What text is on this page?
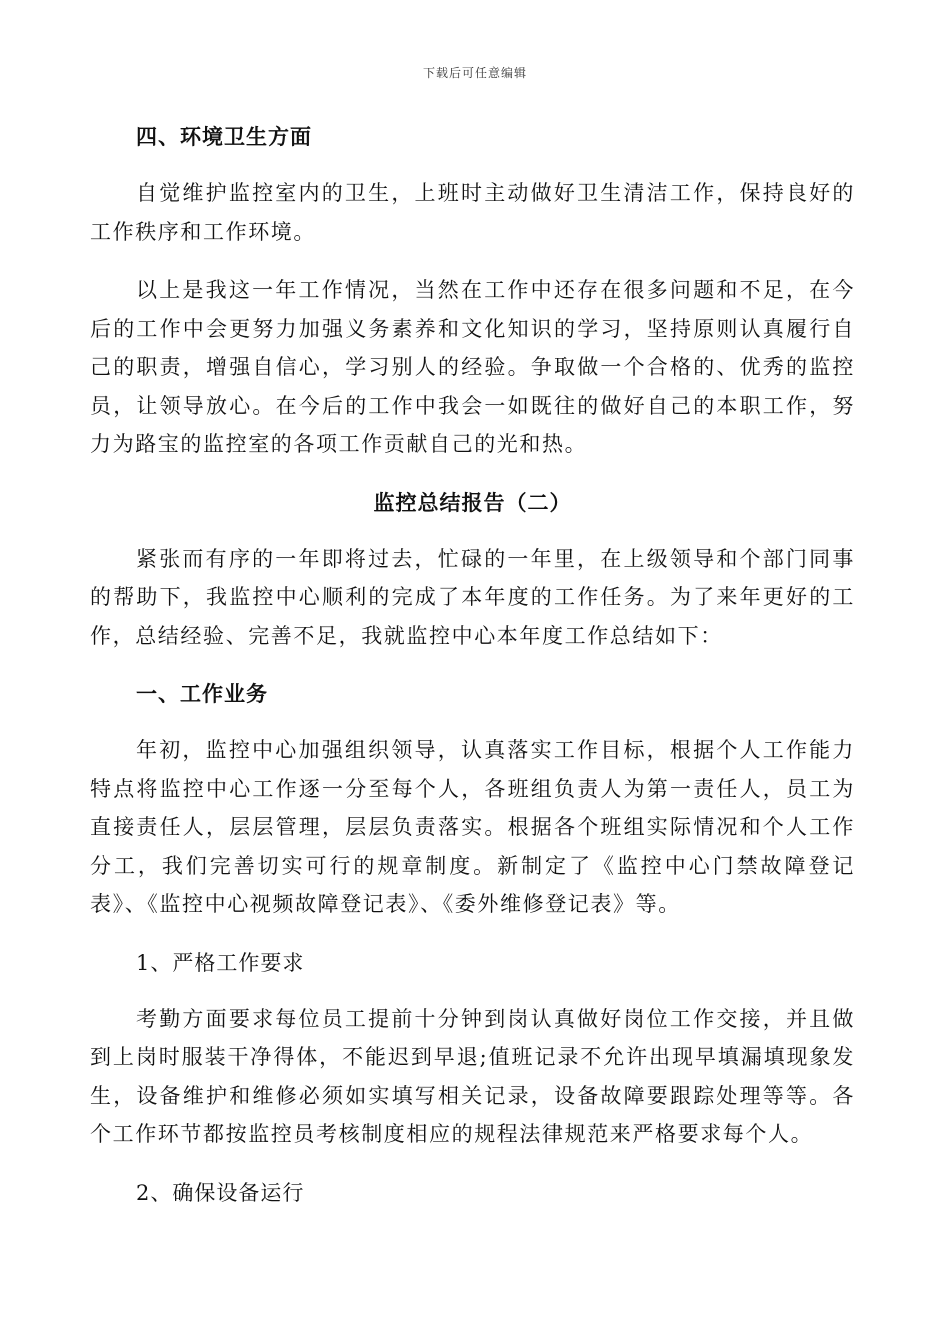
下载后可任意编辑

四、环境卫生方面

自觉维护监控室内的卫生，上班时主动做好卫生清洁工作，保持良好的工作秩序和工作环境。

以上是我这一年工作情况，当然在工作中还存在很多问题和不足，在今后的工作中会更努力加强义务素养和文化知识的学习，坚持原则认真履行自己的职责，增强自信心，学习别人的经验。争取做一个合格的、优秀的监控员，让领导放心。在今后的工作中我会一如既往的做好自己的本职工作，努力为路宝的监控室的各项工作贡献自己的光和热。

监控总结报告（二）

紧张而有序的一年即将过去，忙碌的一年里，在上级领导和个部门同事的帮助下，我监控中心顺利的完成了本年度的工作任务。为了来年更好的工作，总结经验、完善不足，我就监控中心本年度工作总结如下：

一、工作业务

年初，监控中心加强组织领导，认真落实工作目标，根据个人工作能力特点将监控中心工作逐一分至每个人，各班组负责人为第一责任人，员工为直接责任人，层层管理，层层负责落实。根据各个班组实际情况和个人工作分工，我们完善切实可行的规章制度。新制定了《监控中心门禁故障登记表》、《监控中心视频故障登记表》、《委外维修登记表》等。

1、严格工作要求

考勤方面要求每位员工提前十分钟到岗认真做好岗位工作交接，并且做到上岗时服装干净得体，不能迟到早退;值班记录不允许出现早填漏填现象发生，设备维护和维修必须如实填写相关记录，设备故障要跟踪处理等等。各个工作环节都按监控员考核制度相应的规程法律规范来严格要求每个人。

2、确保设备运行
